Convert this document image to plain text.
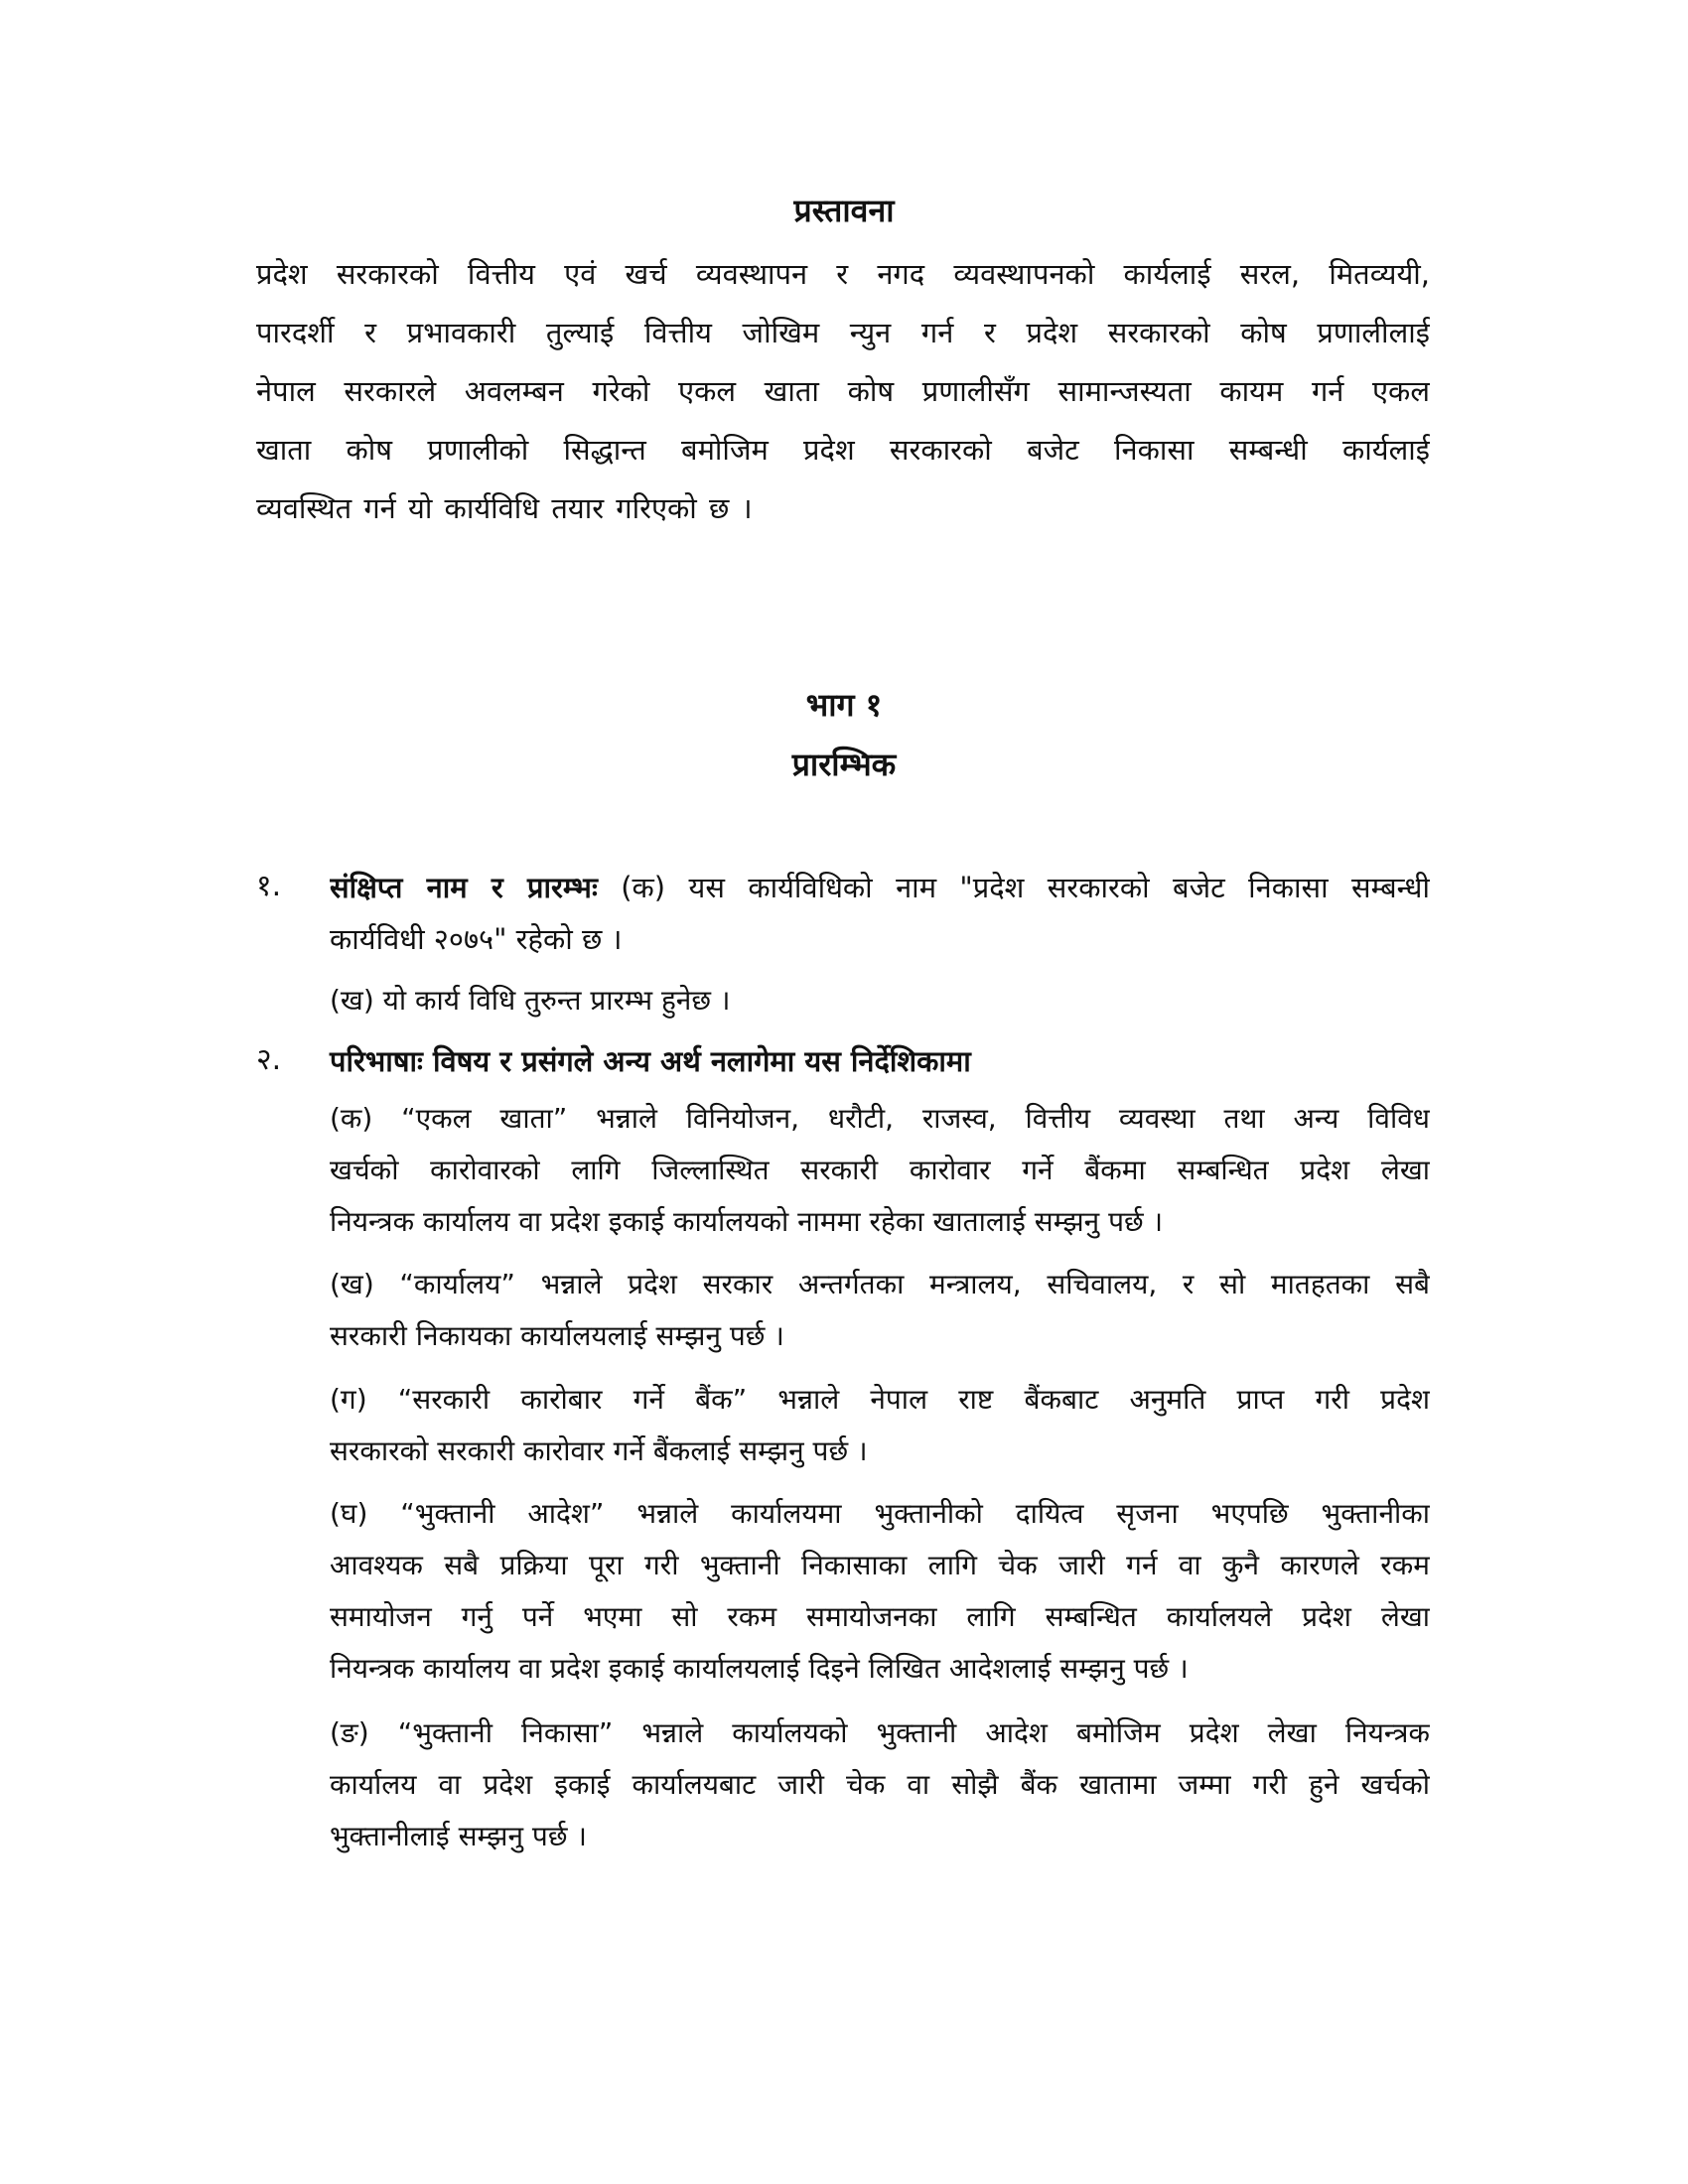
प्रस्तावना
प्रदेश सरकारको वित्तीय एवं खर्च व्यवस्थापन र नगद व्यवस्थापनको कार्यलाई सरल, मितव्ययी,
पारदर्शी र प्रभावकारी तुल्याई वित्तीय जोखिम न्युन गर्न र प्रदेश सरकारको कोष प्रणालीलाई
नेपाल सरकारले अवलम्बन गरेको एकल खाता कोष प्रणालीसँग सामान्जस्यता कायम गर्न एकल
खाता कोष प्रणालीको सिद्धान्त बमोजिम प्रदेश सरकारको बजेट निकासा सम्बन्धी कार्यलाई
व्यवस्थित गर्न यो कार्यविधि तयार गरिएको छ ।
भाग १
प्रारम्भिक
१. संक्षिप्त नाम र प्रारम्भः (क) यस कार्यविधिको नाम "प्रदेश सरकारको बजेट निकासा सम्बन्धी
कार्यविधी २०७५" रहेको छ ।
(ख) यो कार्य विधि तुरुन्त प्रारम्भ हुनेछ ।
२. परिभाषाः विषय र प्रसंगले अन्य अर्थ नलागेमा यस निर्देशिकामा
(क) “एकल खाता” भन्नाले विनियोजन, धरौटी, राजस्व, वित्तीय व्यवस्था तथा अन्य विविध
खर्चको कारोवारको लागि जिल्लास्थित सरकारी कारोवार गर्ने बैंकमा सम्बन्धित प्रदेश लेखा
नियन्त्रक कार्यालय वा प्रदेश इकाई कार्यालयको नाममा रहेका खातालाई सम्झनु पर्छ ।
(ख) “कार्यालय” भन्नाले प्रदेश सरकार अन्तर्गतका मन्त्रालय, सचिवालय, र सो मातहतका सबै
सरकारी निकायका कार्यालयलाई सम्झनु पर्छ ।
(ग) “सरकारी कारोबार गर्ने बैंक” भन्नाले नेपाल राष्ट बैंकबाट अनुमति प्राप्त गरी प्रदेश
सरकारको सरकारी कारोवार गर्ने बैंकलाई सम्झनु पर्छ ।
(घ) “भुक्तानी आदेश” भन्नाले कार्यालयमा भुक्तानीको दायित्व सृजना भएपछि भुक्तानीका
आवश्यक सबै प्रक्रिया पूरा गरी भुक्तानी निकासाका लागि चेक जारी गर्न वा कुनै कारणले रकम
समायोजन गर्नु पर्ने भएमा सो रकम समायोजनका लागि सम्बन्धित कार्यालयले प्रदेश लेखा
नियन्त्रक कार्यालय वा प्रदेश इकाई कार्यालयलाई दिइने लिखित आदेशलाई सम्झनु पर्छ ।
(ङ) “भुक्तानी निकासा” भन्नाले कार्यालयको भुक्तानी आदेश बमोजिम प्रदेश लेखा नियन्त्रक
कार्यालय वा प्रदेश इकाई कार्यालयबाट जारी चेक वा सोझै बैंक खातामा जम्मा गरी हुने खर्चको
भुक्तानीलाई सम्झनु पर्छ ।
